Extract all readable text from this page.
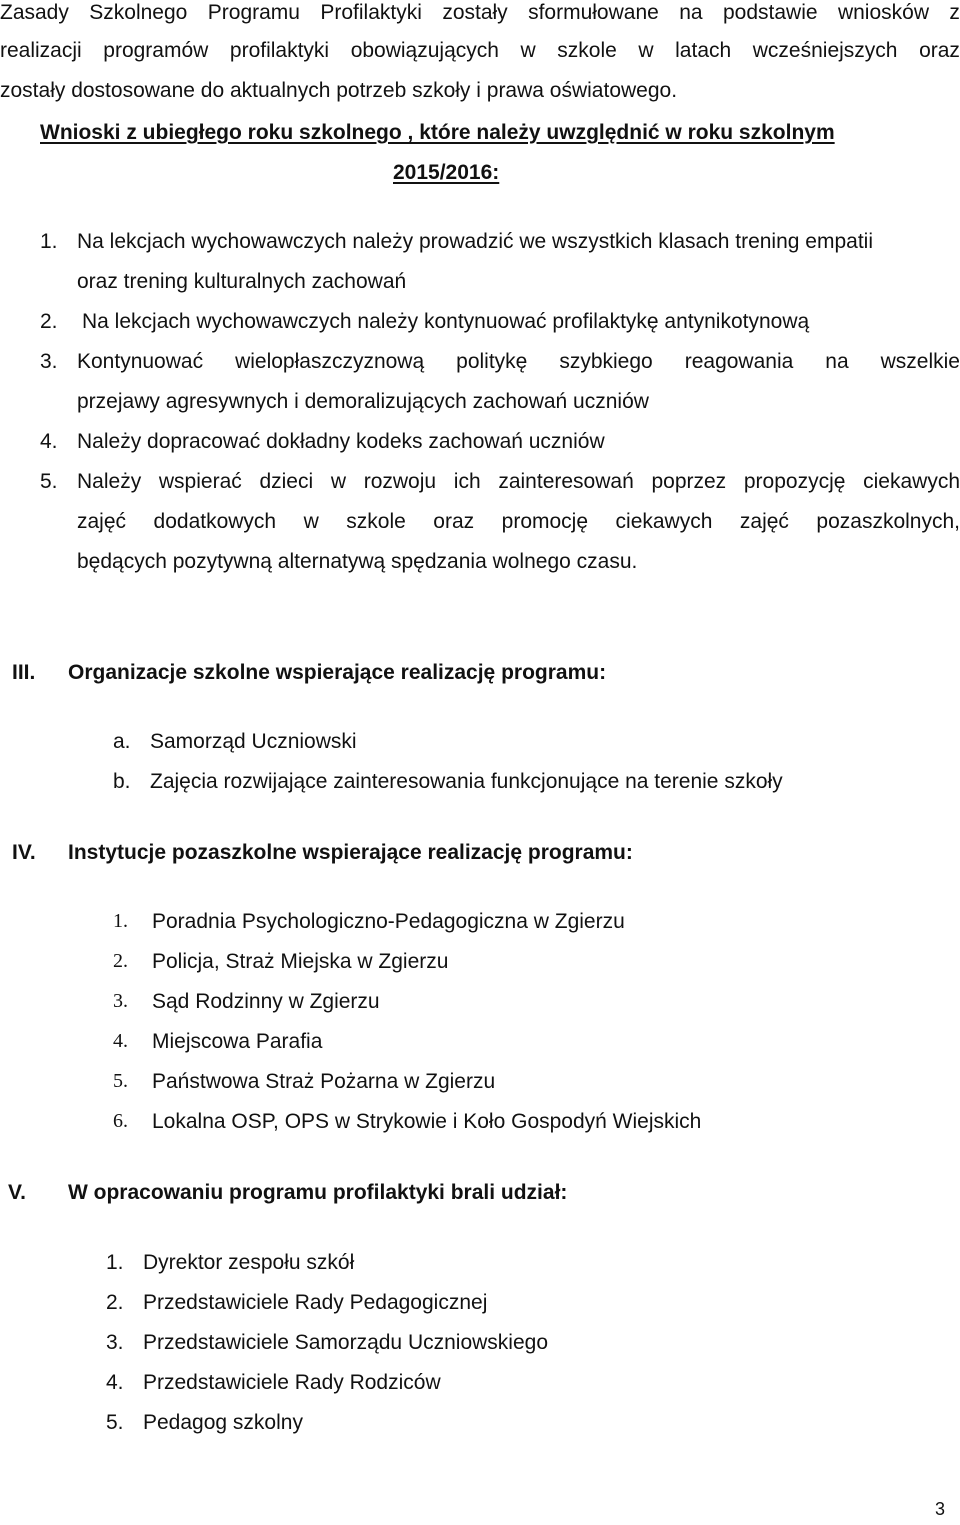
Zasady Szkolnego Programu Profilaktyki zostały sformułowane na podstawie wniosków z
realizacji programów profilaktyki obowiązujących w szkole w latach wcześniejszych oraz
zostały dostosowane do aktualnych potrzeb szkoły i prawa oświatowego.
Wnioski z ubiegłego roku szkolnego , które należy uwzględnić w roku szkolnym
2015/2016:
1. Na lekcjach wychowawczych należy prowadzić we wszystkich klasach trening empatii
oraz trening kulturalnych zachowań
2. Na lekcjach wychowawczych należy kontynuować profilaktykę antynikotynową
3. Kontynuować wielopłaszczyznową politykę szybkiego reagowania na wszelkie
przejawy agresywnych i demoralizujących zachowań uczniów
4. Należy dopracować dokładny kodeks zachowań uczniów
5. Należy wspierać dzieci w rozwoju ich zainteresowań poprzez propozycję ciekawych
zajęć dodatkowych w szkole oraz promocję ciekawych zajęć pozaszkolnych,
będących pozytywną alternatywą spędzania wolnego czasu.
III. Organizacje szkolne wspierające realizację programu:
a. Samorząd Uczniowski
b. Zajęcia rozwijające zainteresowania funkcjonujące na terenie szkoły
IV. Instytucje pozaszkolne wspierające realizację programu:
1. Poradnia Psychologiczno-Pedagogiczna w Zgierzu
2. Policja, Straż Miejska w Zgierzu
3. Sąd Rodzinny w Zgierzu
4. Miejscowa Parafia
5. Państwowa Straż Pożarna w Zgierzu
6. Lokalna OSP, OPS w Strykowie i Koło Gospodyń Wiejskich
V. W opracowaniu programu profilaktyki brali udział:
1. Dyrektor zespołu szkół
2. Przedstawiciele Rady Pedagogicznej
3. Przedstawiciele Samorządu Uczniowskiego
4. Przedstawiciele Rady Rodziców
5. Pedagog szkolny
3
